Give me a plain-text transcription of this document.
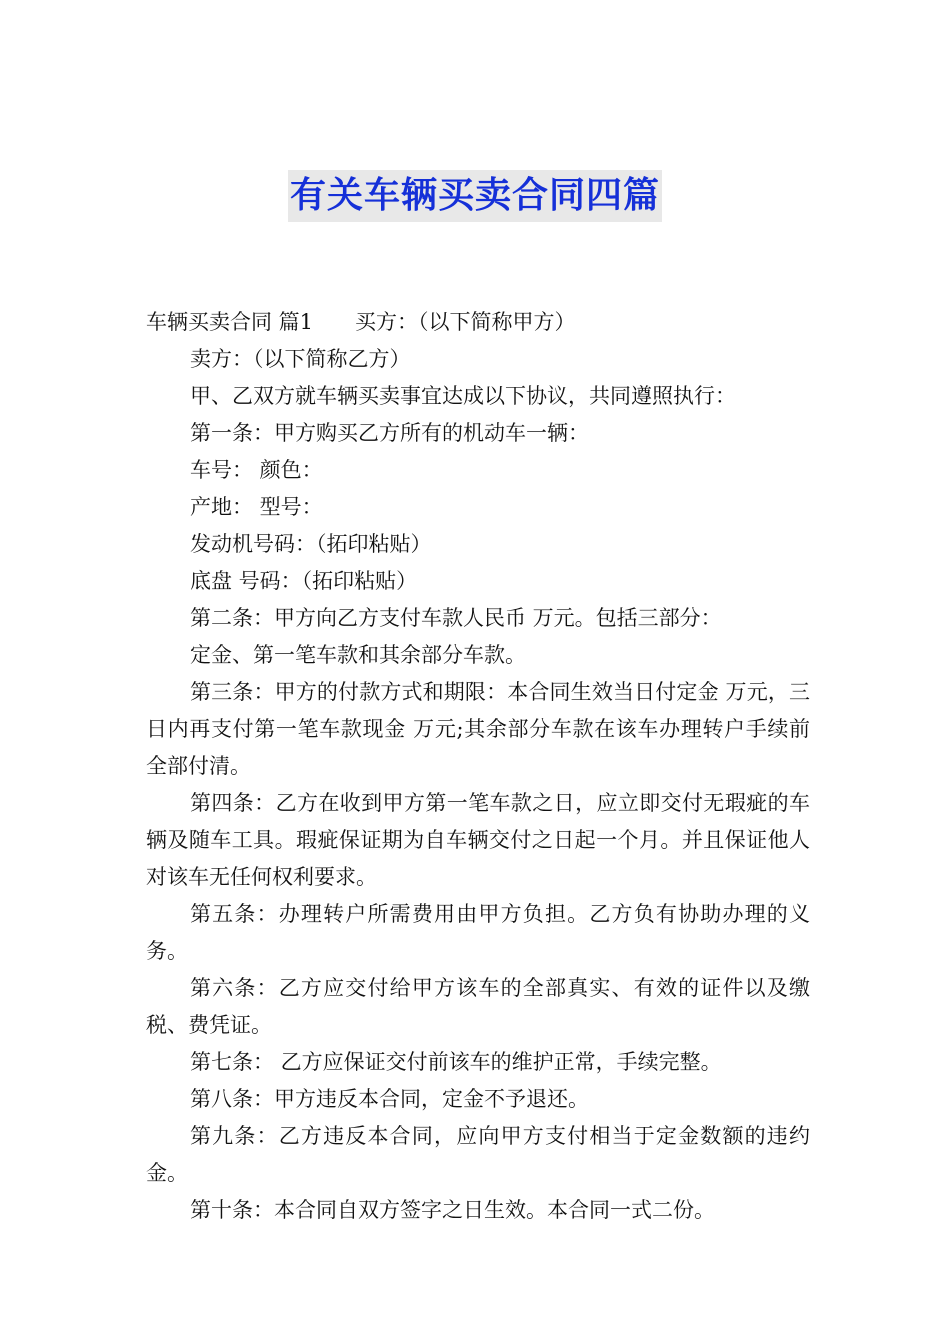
有关车辆买卖合同四篇

车辆买卖合同 篇1　　买方：（以下简称甲方）

卖方：（以下简称乙方）

甲、乙双方就车辆买卖事宜达成以下协议，共同遵照执行：

第一条：甲方购买乙方所有的机动车一辆：

车号： 颜色：

产地： 型号：

发动机号码：（拓印粘贴）

底盘 号码：（拓印粘贴）

第二条：甲方向乙方支付车款人民币 万元。包括三部分：

定金、第一笔车款和其余部分车款。

第三条：甲方的付款方式和期限：本合同生效当日付定金 万元，三日内再支付第一笔车款现金 万元;其余部分车款在该车办理转户手续前全部付清。

第四条：乙方在收到甲方第一笔车款之日，应立即交付无瑕疵的车辆及随车工具。瑕疵保证期为自车辆交付之日起一个月。并且保证他人对该车无任何权利要求。

第五条：办理转户所需费用由甲方负担。乙方负有协助办理的义务。

第六条：乙方应交付给甲方该车的全部真实、有效的证件以及缴税、费凭证。

第七条： 乙方应保证交付前该车的维护正常，手续完整。

第八条：甲方违反本合同，定金不予退还。

第九条：乙方违反本合同，应向甲方支付相当于定金数额的违约金。

第十条：本合同自双方签字之日生效。本合同一式二份。
